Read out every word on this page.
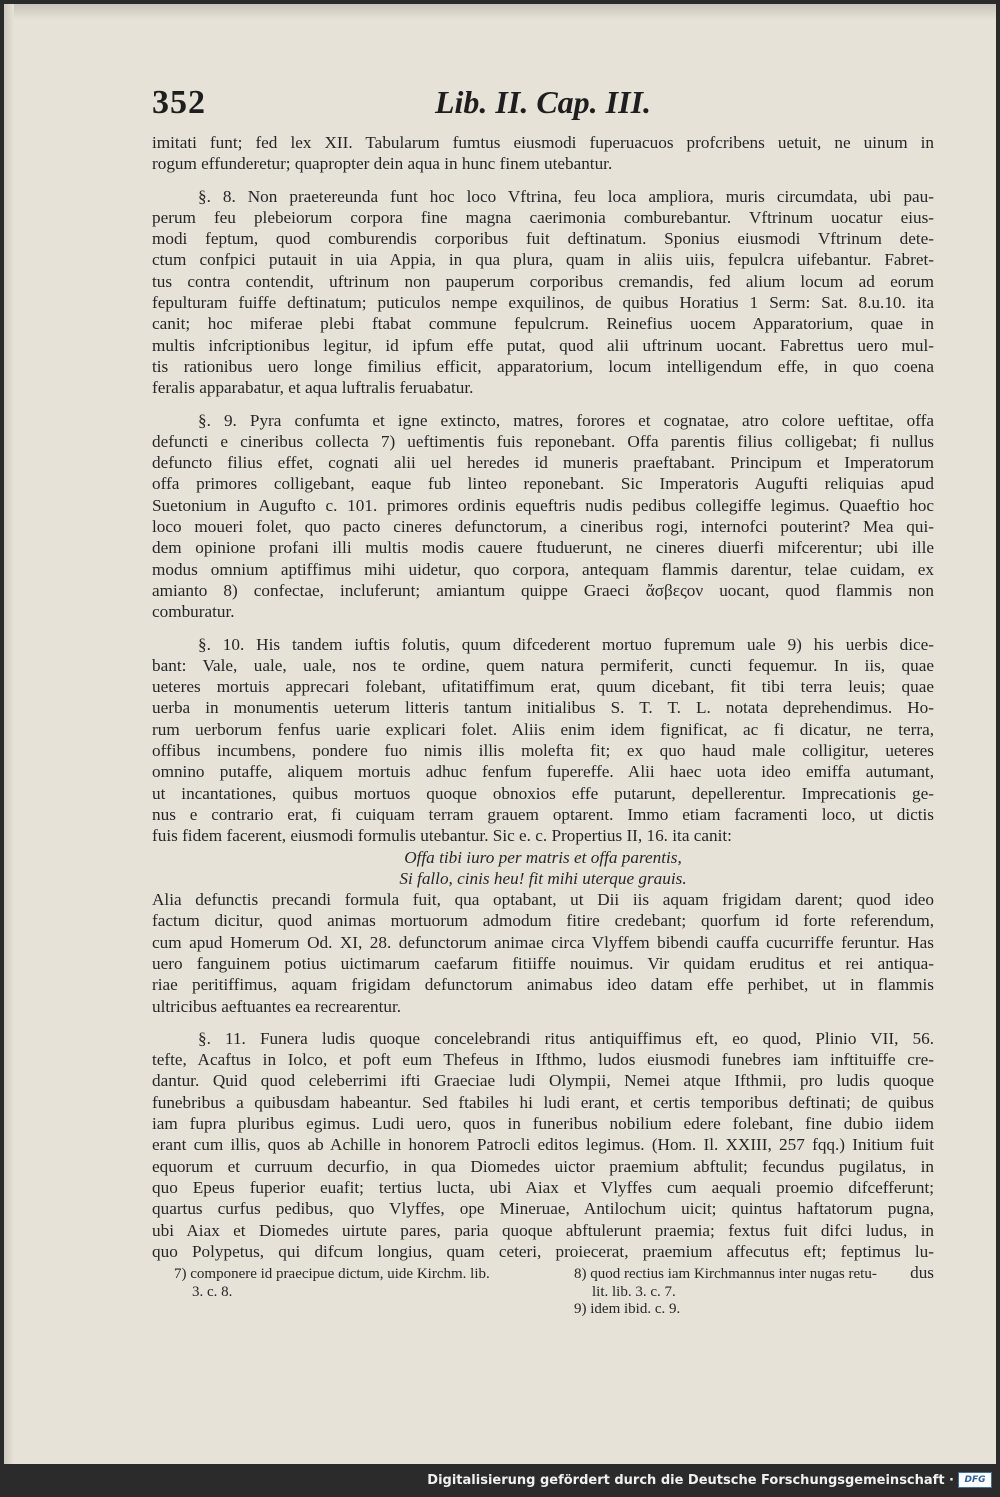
352	Lib. II. Cap. III.

imitati funt; fed lex XII. Tabularum fumtus eiusmodi fuperuacuos profcribens uetuit, ne uinum in

rogum effunderetur; quapropter dein aqua in hunc finem utebantur.

§. 8. Non praetereunda funt hoc loco Vftrina, feu loca ampliora, muris circumdata, ubi pau-

perum feu plebeiorum corpora fine magna caerimonia comburebantur. Vftrinum uocatur eius-

modi feptum, quod comburendis corporibus fuit deftinatum. Sponius eiusmodi Vftrinum dete-

ctum confpici putauit in uia Appia, in qua plura, quam in aliis uiis, fepulcra uifebantur. Fabret-

tus contra contendit, uftrinum non pauperum corporibus cremandis, fed alium locum ad eorum

fepulturam fuiffe deftinatum; puticulos nempe exquilinos, de quibus Horatius 1 Serm: Sat. 8.u.10. ita

canit; hoc miferae plebi ftabat commune fepulcrum. Reinefius uocem Apparatorium, quae in

multis infcriptionibus legitur, id ipfum effe putat, quod alii uftrinum uocant. Fabrettus uero mul-

tis rationibus uero longe fimilius efficit, apparatorium, locum intelligendum effe, in quo coena

feralis apparabatur, et aqua luftralis feruabatur.

§. 9. Pyra confumta et igne extincto, matres, forores et cognatae, atro colore ueftitae, offa

defuncti e cineribus collecta 7) ueftimentis fuis reponebant. Offa parentis filius colligebat; fi nullus

defuncto filius effet, cognati alii uel heredes id muneris praeftabant. Principum et Imperatorum

offa primores colligebant, eaque fub linteo reponebant. Sic Imperatoris Augufti reliquias apud

Suetonium in Augufto c. 101. primores ordinis equeftris nudis pedibus collegiffe legimus. Quaeftio hoc

loco moueri folet, quo pacto cineres defunctorum, a cineribus rogi, internofci pouterint? Mea qui-

dem opinione profani illi multis modis cauere ftuduerunt, ne cineres diuerfi mifcerentur; ubi ille

modus omnium aptiffimus mihi uidetur, quo corpora, antequam flammis darentur, telae cuidam, ex

amianto 8) confectae, incluferunt; amiantum quippe Graeci ἄσβεςον uocant, quod flammis non

comburatur.

§. 10. His tandem iuftis folutis, quum difcederent mortuo fupremum uale 9) his uerbis dice-

bant: Vale, uale, uale, nos te ordine, quem natura permiferit, cuncti fequemur. In iis, quae

ueteres mortuis apprecari folebant, ufitatiffimum erat, quum dicebant, fit tibi terra leuis; quae

uerba in monumentis ueterum litteris tantum initialibus S. T. T. L. notata deprehendimus. Ho-

rum uerborum fenfus uarie explicari folet. Aliis enim idem fignificat, ac fi dicatur, ne terra,

offibus incumbens, pondere fuo nimis illis molefta fit; ex quo haud male colligitur, ueteres

omnino putaffe, aliquem mortuis adhuc fenfum fupereffe. Alii haec uota ideo emiffa autumant,

ut incantationes, quibus mortuos quoque obnoxios effe putarunt, depellerentur. Imprecationis ge-

nus e contrario erat, fi cuiquam terram grauem optarent. Immo etiam facramenti loco, ut dictis

fuis fidem facerent, eiusmodi formulis utebantur. Sic e. c. Propertius II, 16. ita canit:

Offa tibi iuro per matris et offa parentis,

Si fallo, cinis heu! fit mihi uterque grauis.

Alia defunctis precandi formula fuit, qua optabant, ut Dii iis aquam frigidam darent; quod ideo

factum dicitur, quod animas mortuorum admodum fitire credebant; quorfum id forte referendum,

cum apud Homerum Od. XI, 28. defunctorum animae circa Vlyffem bibendi cauffa cucurriffe feruntur. Has

uero fanguinem potius uictimarum caefarum fitiiffe nouimus. Vir quidam eruditus et rei antiqua-

riae peritiffimus, aquam frigidam defunctorum animabus ideo datam effe perhibet, ut in flammis

ultricibus aeftuantes ea recrearentur.

§. 11. Funera ludis quoque concelebrandi ritus antiquiffimus eft, eo quod, Plinio VII, 56.

tefte, Acaftus in Iolco, et poft eum Thefeus in Ifthmo, ludos eiusmodi funebres iam inftituiffe cre-

dantur. Quid quod celeberrimi ifti Graeciae ludi Olympii, Nemei atque Ifthmii, pro ludis quoque

funebribus a quibusdam habeantur. Sed ftabiles hi ludi erant, et certis temporibus deftinati; de quibus

iam fupra pluribus egimus. Ludi uero, quos in funeribus nobilium edere folebant, fine dubio iidem

erant cum illis, quos ab Achille in honorem Patrocli editos legimus. (Hom. Il. XXIII, 257 fqq.) Initium fuit

equorum et curruum decurfio, in qua Diomedes uictor praemium abftulit; fecundus pugilatus, in

quo Epeus fuperior euafit; tertius lucta, ubi Aiax et Vlyffes cum aequali proemio difcefferunt;

quartus curfus pedibus, quo Vlyffes, ope Mineruae, Antilochum uicit; quintus haftatorum pugna,

ubi Aiax et Diomedes uirtute pares, paria quoque abftulerunt praemia; fextus fuit difci ludus, in

quo Polypetus, qui difcum longius, quam ceteri, proiecerat, praemium affecutus eft; feptimus lu-

dus

7) componere id praecipue dictum, uide Kirchm. lib.

3. c. 8.

8) quod rectius iam Kirchmannus inter nugas retu-

lit. lib. 3. c. 7.

9) idem ibid. c. 9.

Digitalisierung gefördert durch die Deutsche Forschungsgemeinschaft ·	DFG
